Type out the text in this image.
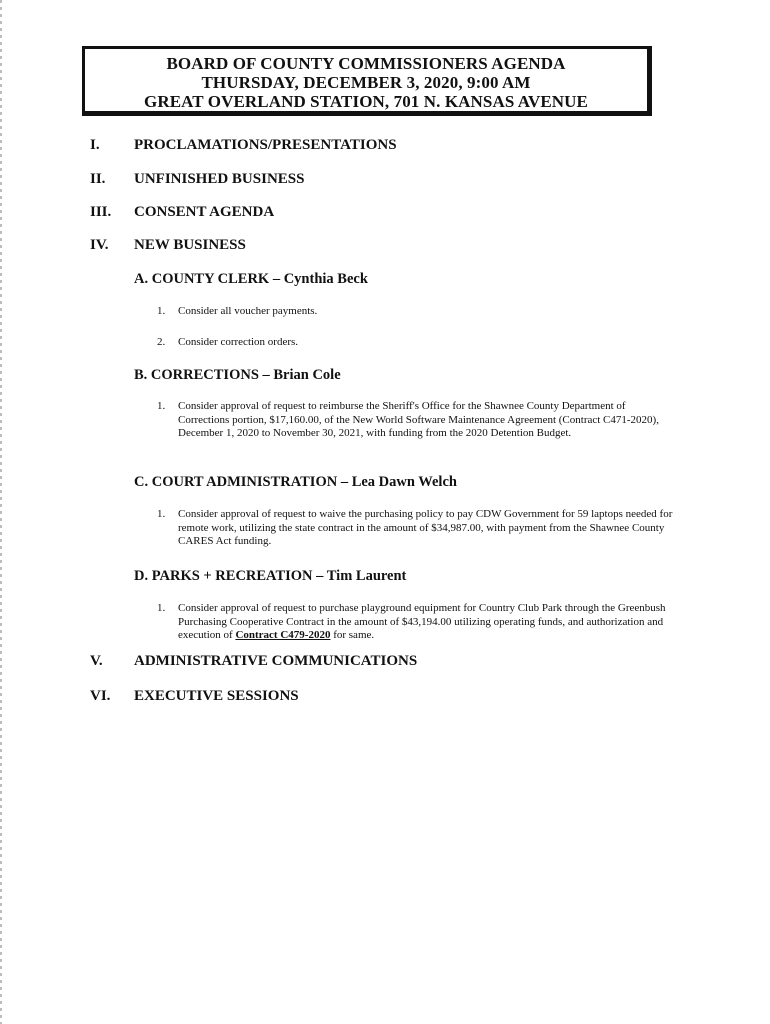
BOARD OF COUNTY COMMISSIONERS AGENDA
THURSDAY, DECEMBER 3, 2020, 9:00 AM
GREAT OVERLAND STATION, 701 N. KANSAS AVENUE
I. PROCLAMATIONS/PRESENTATIONS
II. UNFINISHED BUSINESS
III. CONSENT AGENDA
IV. NEW BUSINESS
A. COUNTY CLERK – Cynthia Beck
1. Consider all voucher payments.
2. Consider correction orders.
B. CORRECTIONS – Brian Cole
1. Consider approval of request to reimburse the Sheriff's Office for the Shawnee County Department of Corrections portion, $17,160.00, of the New World Software Maintenance Agreement (Contract C471-2020), December 1, 2020 to November 30, 2021, with funding from the 2020 Detention Budget.
C. COURT ADMINISTRATION – Lea Dawn Welch
1. Consider approval of request to waive the purchasing policy to pay CDW Government for 59 laptops needed for remote work, utilizing the state contract in the amount of $34,987.00, with payment from the Shawnee County CARES Act funding.
D. PARKS + RECREATION – Tim Laurent
1. Consider approval of request to purchase playground equipment for Country Club Park through the Greenbush Purchasing Cooperative Contract in the amount of $43,194.00 utilizing operating funds, and authorization and execution of Contract C479-2020 for same.
V. ADMINISTRATIVE COMMUNICATIONS
VI. EXECUTIVE SESSIONS
